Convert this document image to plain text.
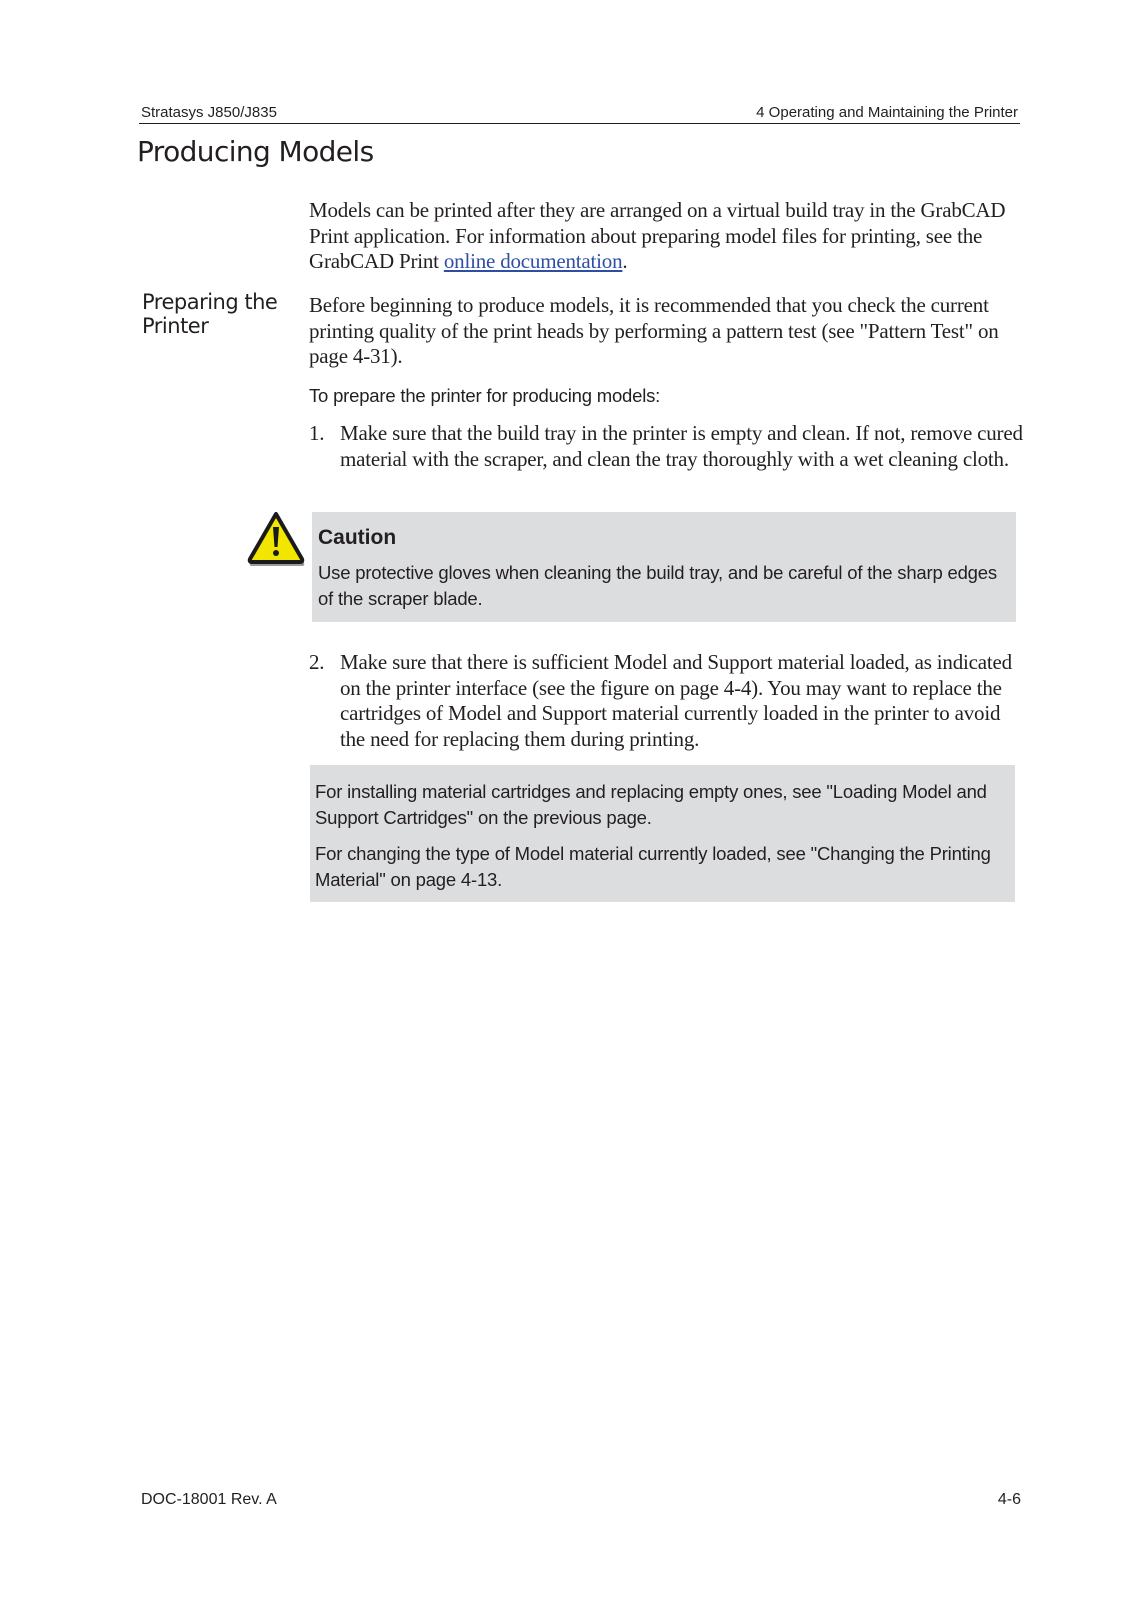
Stratasys J850/J835	4 Operating and Maintaining the Printer
Producing Models

Models can be printed after they are arranged on a virtual build tray in the GrabCAD Print application. For information about preparing model files for printing, see the GrabCAD Print online documentation.

Preparing the Printer

Before beginning to produce models, it is recommended that you check the current printing quality of the print heads by performing a pattern test (see "Pattern Test" on page 4-31).

To prepare the printer for producing models:

1. Make sure that the build tray in the printer is empty and clean. If not, remove cured material with the scraper, and clean the tray thoroughly with a wet cleaning cloth.

Caution

Use protective gloves when cleaning the build tray, and be careful of the sharp edges of the scraper blade.

2. Make sure that there is sufficient Model and Support material loaded, as indicated on the printer interface (see the figure on page 4-4). You may want to replace the cartridges of Model and Support material currently loaded in the printer to avoid the need for replacing them during printing.

For installing material cartridges and replacing empty ones, see "Loading Model and Support Cartridges" on the previous page.

For changing the type of Model material currently loaded, see "Changing the Printing Material" on page 4-13.

DOC-18001 Rev. A	4-6
